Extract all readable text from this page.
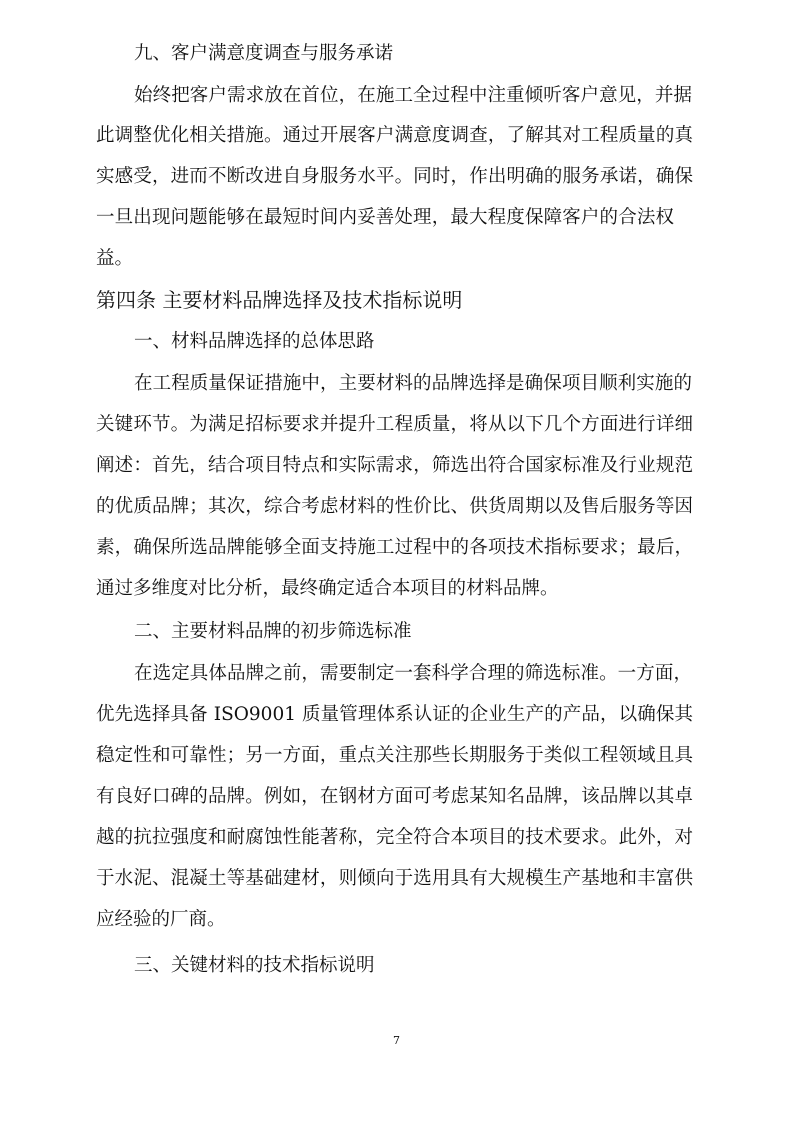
九、客户满意度调查与服务承诺
始终把客户需求放在首位，在施工全过程中注重倾听客户意见，并据
此调整优化相关措施。通过开展客户满意度调查，了解其对工程质量的真
实感受，进而不断改进自身服务水平。同时，作出明确的服务承诺，确保
一旦出现问题能够在最短时间内妥善处理，最大程度保障客户的合法权
益。
第四条 主要材料品牌选择及技术指标说明
一、材料品牌选择的总体思路
在工程质量保证措施中，主要材料的品牌选择是确保项目顺利实施的
关键环节。为满足招标要求并提升工程质量，将从以下几个方面进行详细
阐述：首先，结合项目特点和实际需求，筛选出符合国家标准及行业规范
的优质品牌；其次，综合考虑材料的性价比、供货周期以及售后服务等因
素，确保所选品牌能够全面支持施工过程中的各项技术指标要求；最后，
通过多维度对比分析，最终确定适合本项目的材料品牌。
二、主要材料品牌的初步筛选标准
在选定具体品牌之前，需要制定一套科学合理的筛选标准。一方面，
优先选择具备 ISO9001 质量管理体系认证的企业生产的产品，以确保其
稳定性和可靠性；另一方面，重点关注那些长期服务于类似工程领域且具
有良好口碑的品牌。例如，在钢材方面可考虑某知名品牌，该品牌以其卓
越的抗拉强度和耐腐蚀性能著称，完全符合本项目的技术要求。此外，对
于水泥、混凝土等基础建材，则倾向于选用具有大规模生产基地和丰富供
应经验的厂商。
三、关键材料的技术指标说明
7
